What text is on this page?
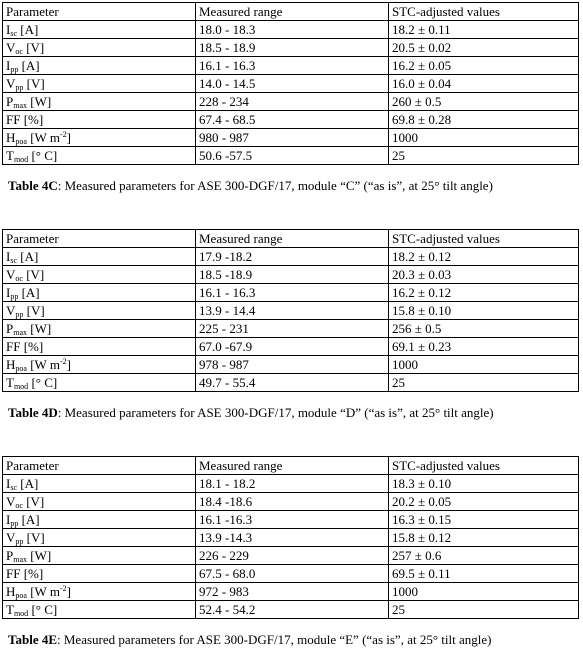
Parameter	Measured range	STC-adjusted values
$I_{sc}$ [A]	18.0 - 18.3	18.2 ± 0.11
$V_{oc}$ [V]	18.5 - 18.9	20.5 ± 0.02
$I_{pp}$ [A]	16.1 - 16.3	16.2 ± 0.05
$V_{pp}$ [V]	14.0 - 14.5	16.0 ± 0.04
$P_{max}$ [W]	228 - 234	260 ± 0.5
FF [%]	67.4 - 68.5	69.8 ± 0.28
$H_{poa}$ [W $m^{-2}$]	980 - 987	1000
$T_{mod}$ [° C]	50.6 -57.5	25
Table 4C: Measured parameters for ASE 300-DGF/17, module “C” (“as is”, at 25° tilt angle)
Parameter	Measured range	STC-adjusted values
$I_{sc}$ [A]	17.9 -18.2	18.2 ± 0.12
$V_{oc}$ [V]	18.5 -18.9	20.3 ± 0.03
$I_{pp}$ [A]	16.1 - 16.3	16.2 ± 0.12
$V_{pp}$ [V]	13.9 - 14.4	15.8 ± 0.10
$P_{max}$ [W]	225 - 231	256 ± 0.5
FF [%]	67.0 -67.9	69.1 ± 0.23
$H_{poa}$ [W $m^{-2}$]	978 - 987	1000
$T_{mod}$ [° C]	49.7 - 55.4	25
Table 4D: Measured parameters for ASE 300-DGF/17, module “D” (“as is”, at 25° tilt angle)
Parameter	Measured range	STC-adjusted values
$I_{sc}$ [A]	18.1 - 18.2	18.3 ± 0.10
$V_{oc}$ [V]	18.4 -18.6	20.2 ± 0.05
$I_{pp}$ [A]	16.1 -16.3	16.3 ± 0.15
$V_{pp}$ [V]	13.9 -14.3	15.8 ± 0.12
$P_{max}$ [W]	226 - 229	257 ± 0.6
FF [%]	67.5 - 68.0	69.5 ± 0.11
$H_{poa}$ [W $m^{-2}$]	972 - 983	1000
$T_{mod}$ [° C]	52.4 - 54.2	25
Table 4E: Measured parameters for ASE 300-DGF/17, module “E” (“as is”, at 25° tilt angle)
